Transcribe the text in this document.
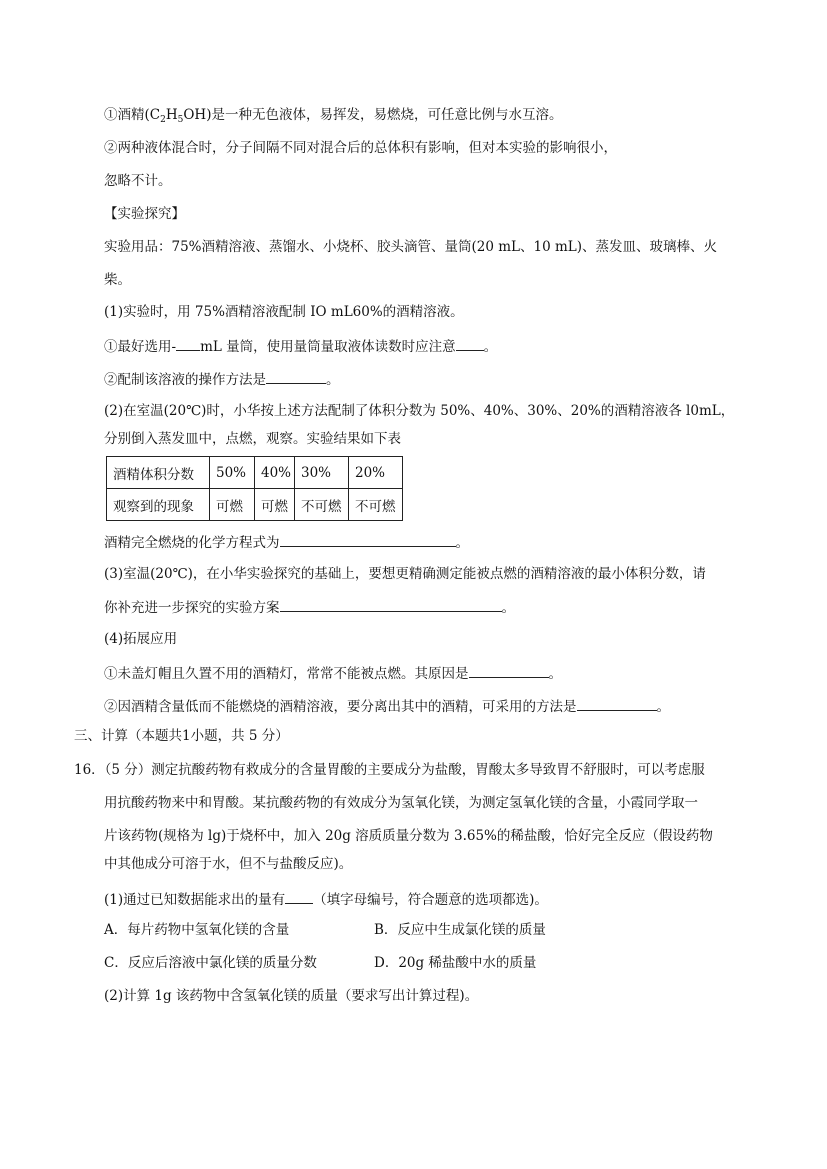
①酒精$(C_2H_5OH)$是一种无色液体，易挥发，易燃烧，可任意比例与水互溶。
②两种液体混合时，分子间隔不同对混合后的总体积有影响，但对本实验的影响很小，
忽略不计。
【实验探究】
实验用品：75%酒精溶液、蒸馏水、小烧杯、胶头滴管、量筒(20 mL、10 mL)、蒸发皿、玻璃棒、火
柴。
(1)实验时，用 75%酒精溶液配制 IO mL60%的酒精溶液。
①最好选用- mL 量筒，使用量筒量取液体读数时应注意 。
②配制该溶液的操作方法是	。
(2)在室温(20℃)时，小华按上述方法配制了体积分数为 50%、40%、30%、20%的酒精溶液各 l0mL，
分别倒入蒸发皿中，点燃，观察。实验结果如下表
酒精体积分数	50%	40%	30%	20%
观察到的现象	可燃	可燃	不可燃	不可燃
酒精完全燃烧的化学方程式为	。
(3)室温(20℃)，在小华实验探究的基础上，要想更精确测定能被点燃的酒精溶液的最小体积分数，请
你补充进一步探究的实验方案	。
(4)拓展应用
①未盖灯帽且久置不用的酒精灯，常常不能被点燃。其原因是	。
②因酒精含量低而不能燃烧的酒精溶液，要分离出其中的酒精，可采用的方法是	。
三、计算（本题共1小题，共 5 分）
16．（5 分）测定抗酸药物有救成分的含量胃酸的主要成分为盐酸，胃酸太多导致胃不舒服时，可以考虑服
用抗酸药物来中和胃酸。某抗酸药物的有效成分为氢氧化镁，为测定氢氧化镁的含量，小霞同学取一
片该药物(规格为 lg)于烧杯中，加入 20g 溶质质量分数为 3.65%的稀盐酸，恰好完全反应（假设药物
中其他成分可溶于水，但不与盐酸反应)。
(1)通过已知数据能求出的量有 （填字母编号，符合题意的选项都选)。
A．每片药物中氢氧化镁的含量	B．反应中生成氯化镁的质量
C．反应后溶液中氯化镁的质量分数	D．20g 稀盐酸中水的质量
(2)计算 1g 该药物中含氢氧化镁的质量（要求写出计算过程)。
